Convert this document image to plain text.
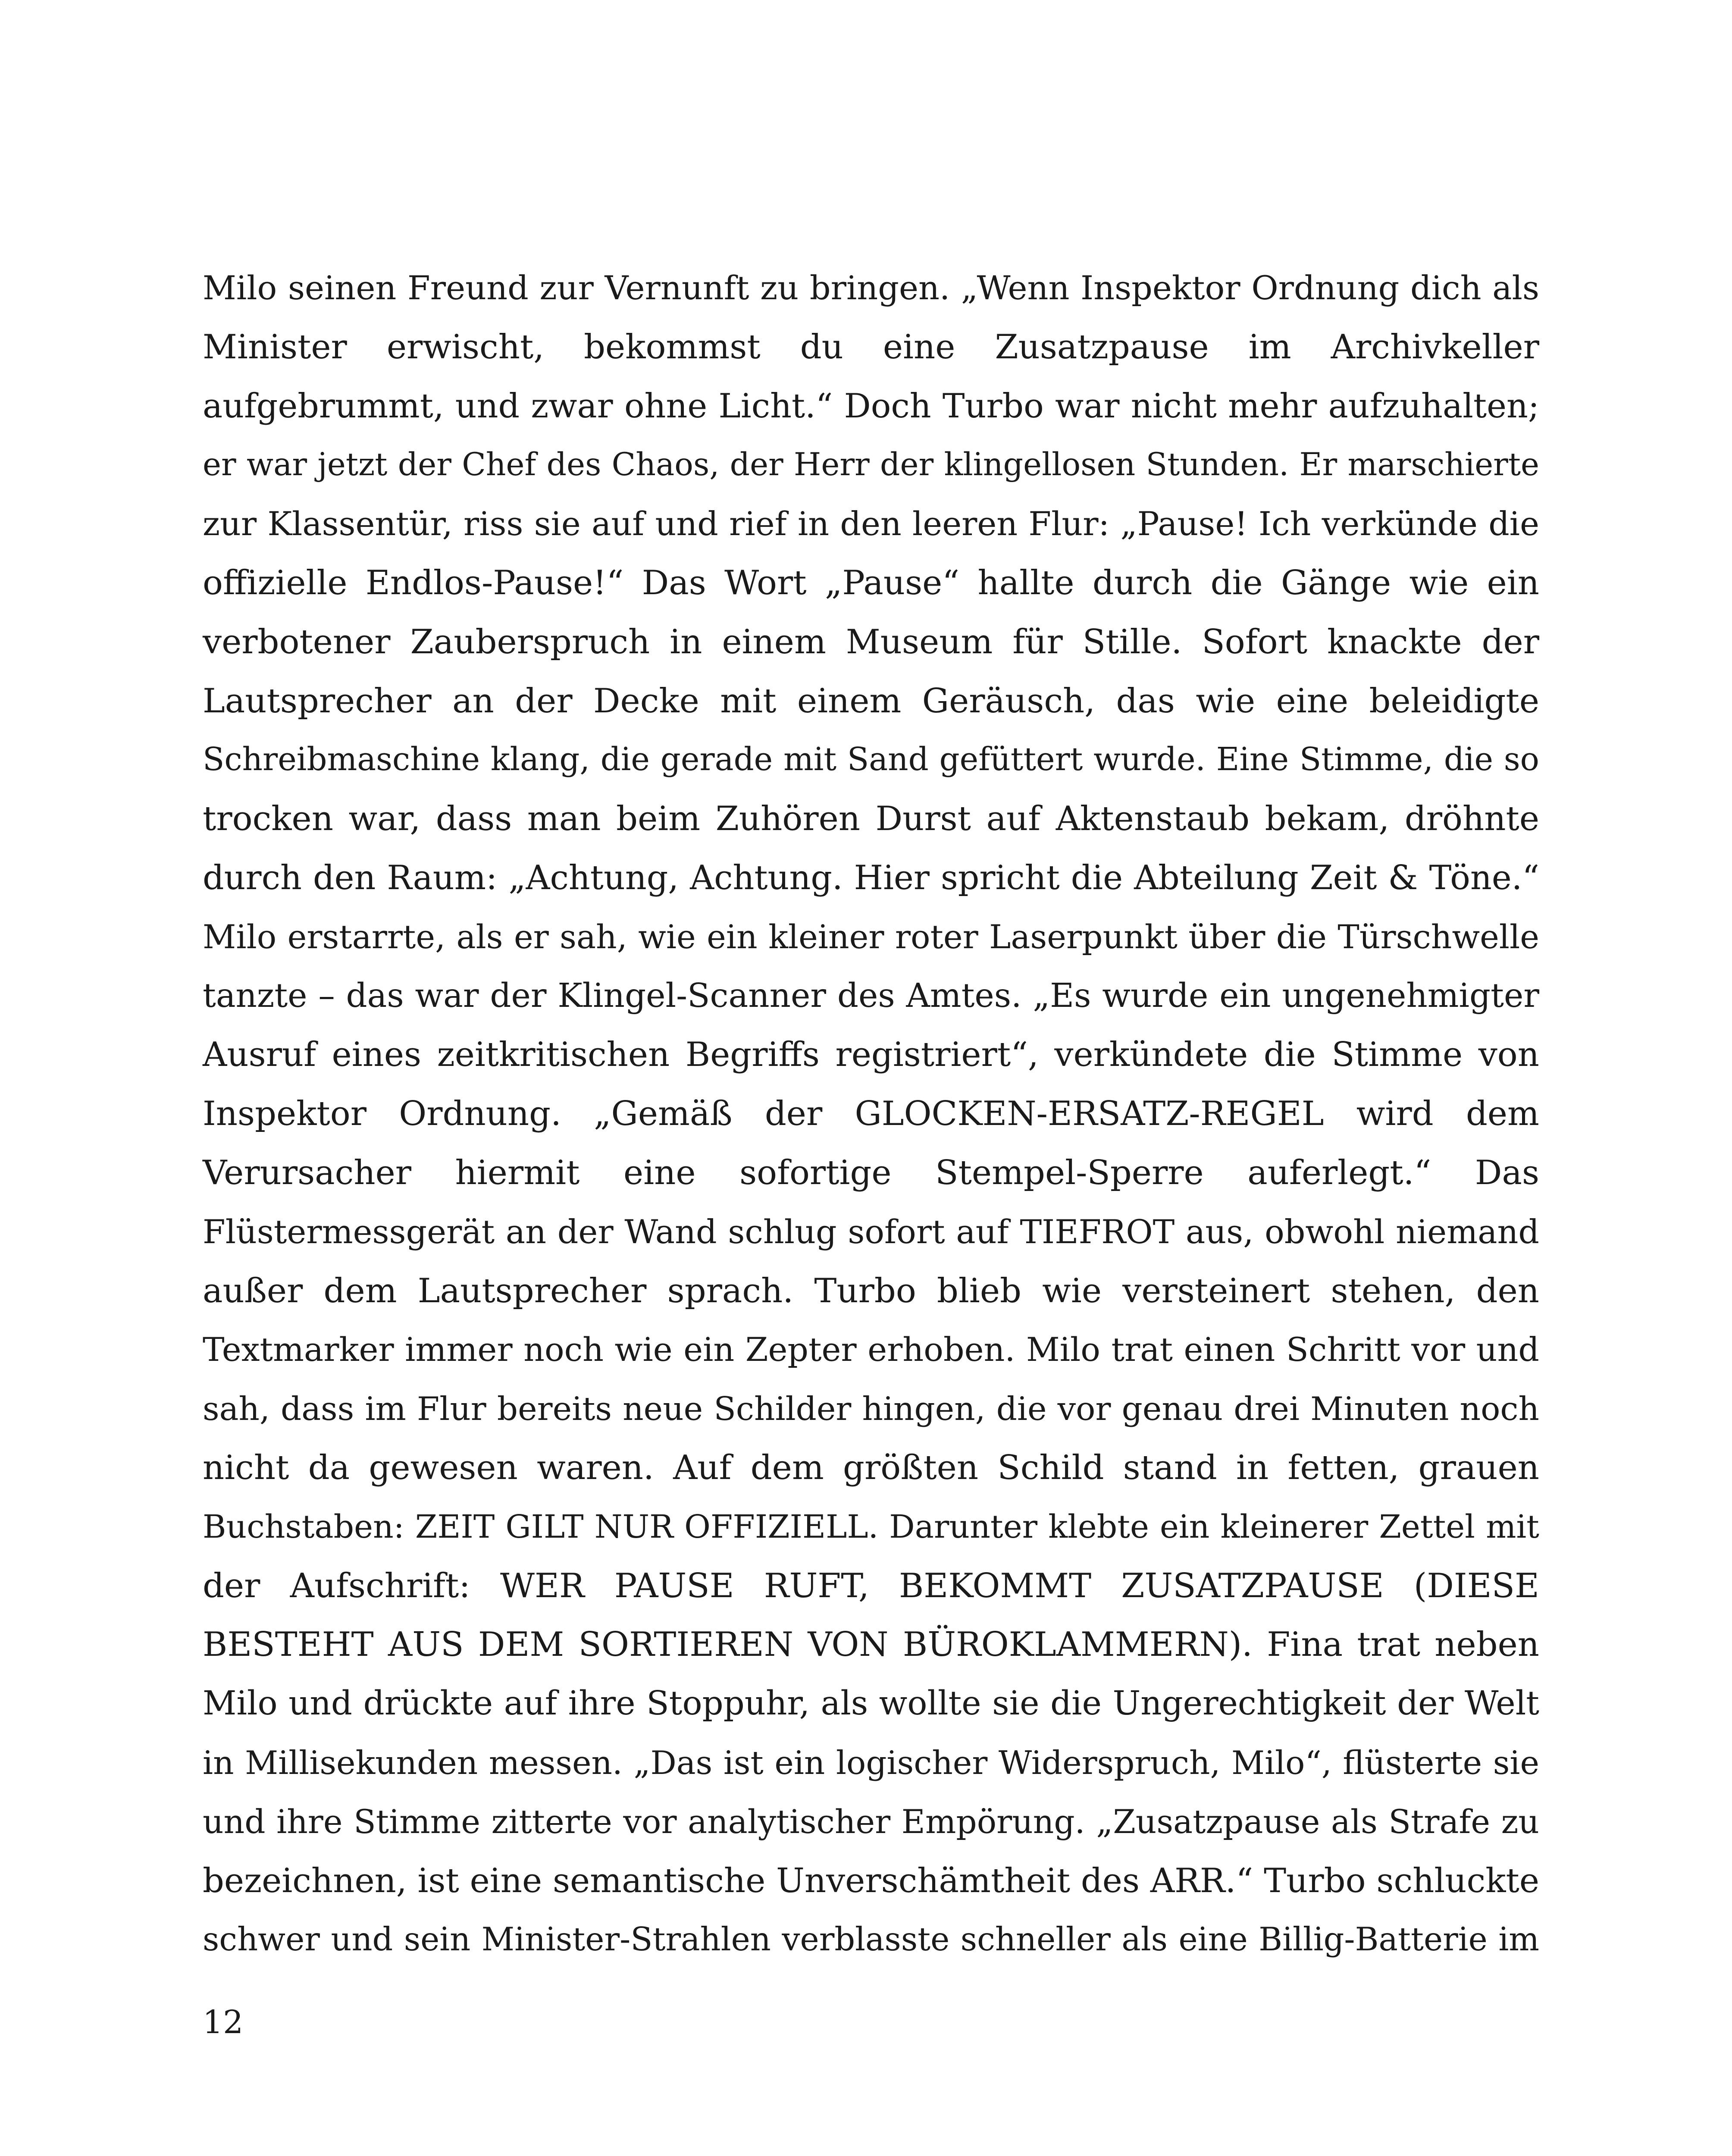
Milo seinen Freund zur Vernunft zu bringen. „Wenn Inspektor Ordnung dich als
Minister erwischt, bekommst du eine Zusatzpause im Archivkeller
aufgebrummt, und zwar ohne Licht.“ Doch Turbo war nicht mehr aufzuhalten;
er war jetzt der Chef des Chaos, der Herr der klingellosen Stunden. Er marschierte
zur Klassentür, riss sie auf und rief in den leeren Flur: „Pause! Ich verkünde die
offizielle Endlos-Pause!“ Das Wort „Pause“ hallte durch die Gänge wie ein
verbotener Zauberspruch in einem Museum für Stille. Sofort knackte der
Lautsprecher an der Decke mit einem Geräusch, das wie eine beleidigte
Schreibmaschine klang, die gerade mit Sand gefüttert wurde. Eine Stimme, die so
trocken war, dass man beim Zuhören Durst auf Aktenstaub bekam, dröhnte
durch den Raum: „Achtung, Achtung. Hier spricht die Abteilung Zeit & Töne.“
Milo erstarrte, als er sah, wie ein kleiner roter Laserpunkt über die Türschwelle
tanzte – das war der Klingel-Scanner des Amtes. „Es wurde ein ungenehmigter
Ausruf eines zeitkritischen Begriffs registriert“, verkündete die Stimme von
Inspektor Ordnung. „Gemäß der GLOCKEN-ERSATZ-REGEL wird dem
Verursacher hiermit eine sofortige Stempel-Sperre auferlegt.“ Das
Flüstermessgerät an der Wand schlug sofort auf TIEFROT aus, obwohl niemand
außer dem Lautsprecher sprach. Turbo blieb wie versteinert stehen, den
Textmarker immer noch wie ein Zepter erhoben. Milo trat einen Schritt vor und
sah, dass im Flur bereits neue Schilder hingen, die vor genau drei Minuten noch
nicht da gewesen waren. Auf dem größten Schild stand in fetten, grauen
Buchstaben: ZEIT GILT NUR OFFIZIELL. Darunter klebte ein kleinerer Zettel mit
der Aufschrift: WER PAUSE RUFT, BEKOMMT ZUSATZPAUSE (DIESE
BESTEHT AUS DEM SORTIEREN VON BÜROKLAMMERN). Fina trat neben
Milo und drückte auf ihre Stoppuhr, als wollte sie die Ungerechtigkeit der Welt
in Millisekunden messen. „Das ist ein logischer Widerspruch, Milo“, flüsterte sie
und ihre Stimme zitterte vor analytischer Empörung. „Zusatzpause als Strafe zu
bezeichnen, ist eine semantische Unverschämtheit des ARR.“ Turbo schluckte
schwer und sein Minister-Strahlen verblasste schneller als eine Billig-Batterie im
12
